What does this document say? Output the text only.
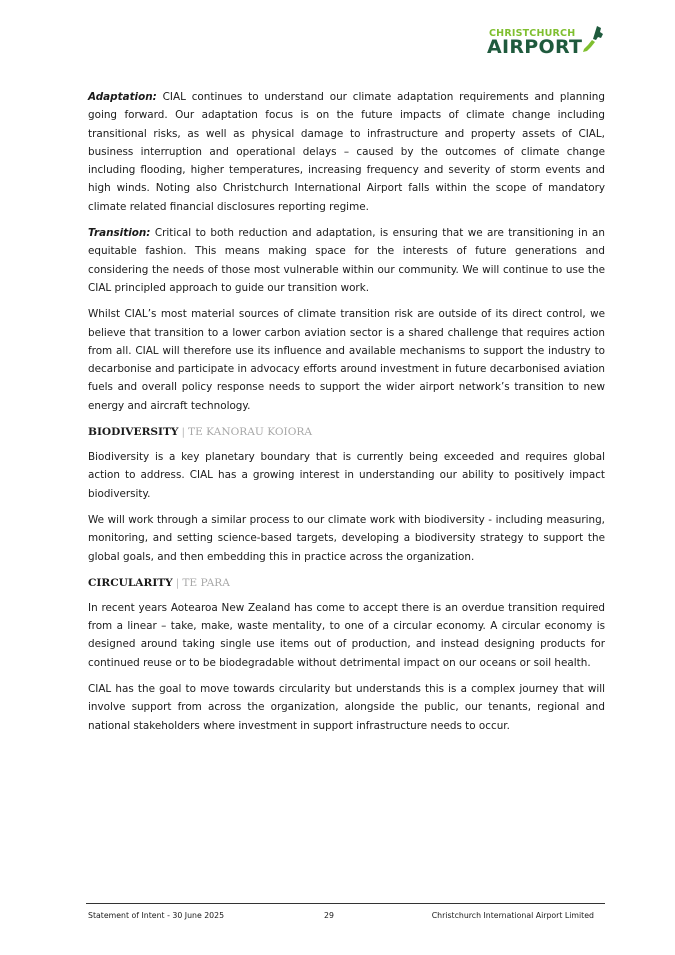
CHRISTCHURCH
AIRPORT

Adaptation: CIAL continues to understand our climate adaptation requirements and planning going forward. Our adaptation focus is on the future impacts of climate change including transitional risks, as well as physical damage to infrastructure and property assets of CIAL, business interruption and operational delays – caused by the outcomes of climate change including flooding, higher temperatures, increasing frequency and severity of storm events and high winds. Noting also Christchurch International Airport falls within the scope of mandatory climate related financial disclosures reporting regime.

Transition: Critical to both reduction and adaptation, is ensuring that we are transitioning in an equitable fashion. This means making space for the interests of future generations and considering the needs of those most vulnerable within our community. We will continue to use the CIAL principled approach to guide our transition work.

Whilst CIAL’s most material sources of climate transition risk are outside of its direct control, we believe that transition to a lower carbon aviation sector is a shared challenge that requires action from all. CIAL will therefore use its influence and available mechanisms to support the industry to decarbonise and participate in advocacy efforts around investment in future decarbonised aviation fuels and overall policy response needs to support the wider airport network’s transition to new energy and aircraft technology.

BIODIVERSITY | TE KANORAU KOIORA

Biodiversity is a key planetary boundary that is currently being exceeded and requires global action to address. CIAL has a growing interest in understanding our ability to positively impact biodiversity.

We will work through a similar process to our climate work with biodiversity - including measuring, monitoring, and setting science-based targets, developing a biodiversity strategy to support the global goals, and then embedding this in practice across the organization.

CIRCULARITY | TE PARA

In recent years Aotearoa New Zealand has come to accept there is an overdue transition required from a linear – take, make, waste mentality, to one of a circular economy. A circular economy is designed around taking single use items out of production, and instead designing products for continued reuse or to be biodegradable without detrimental impact on our oceans or soil health.

CIAL has the goal to move towards circularity but understands this is a complex journey that will involve support from across the organization, alongside the public, our tenants, regional and national stakeholders where investment in support infrastructure needs to occur.

Statement of Intent - 30 June 2025	29	Christchurch International Airport Limited
